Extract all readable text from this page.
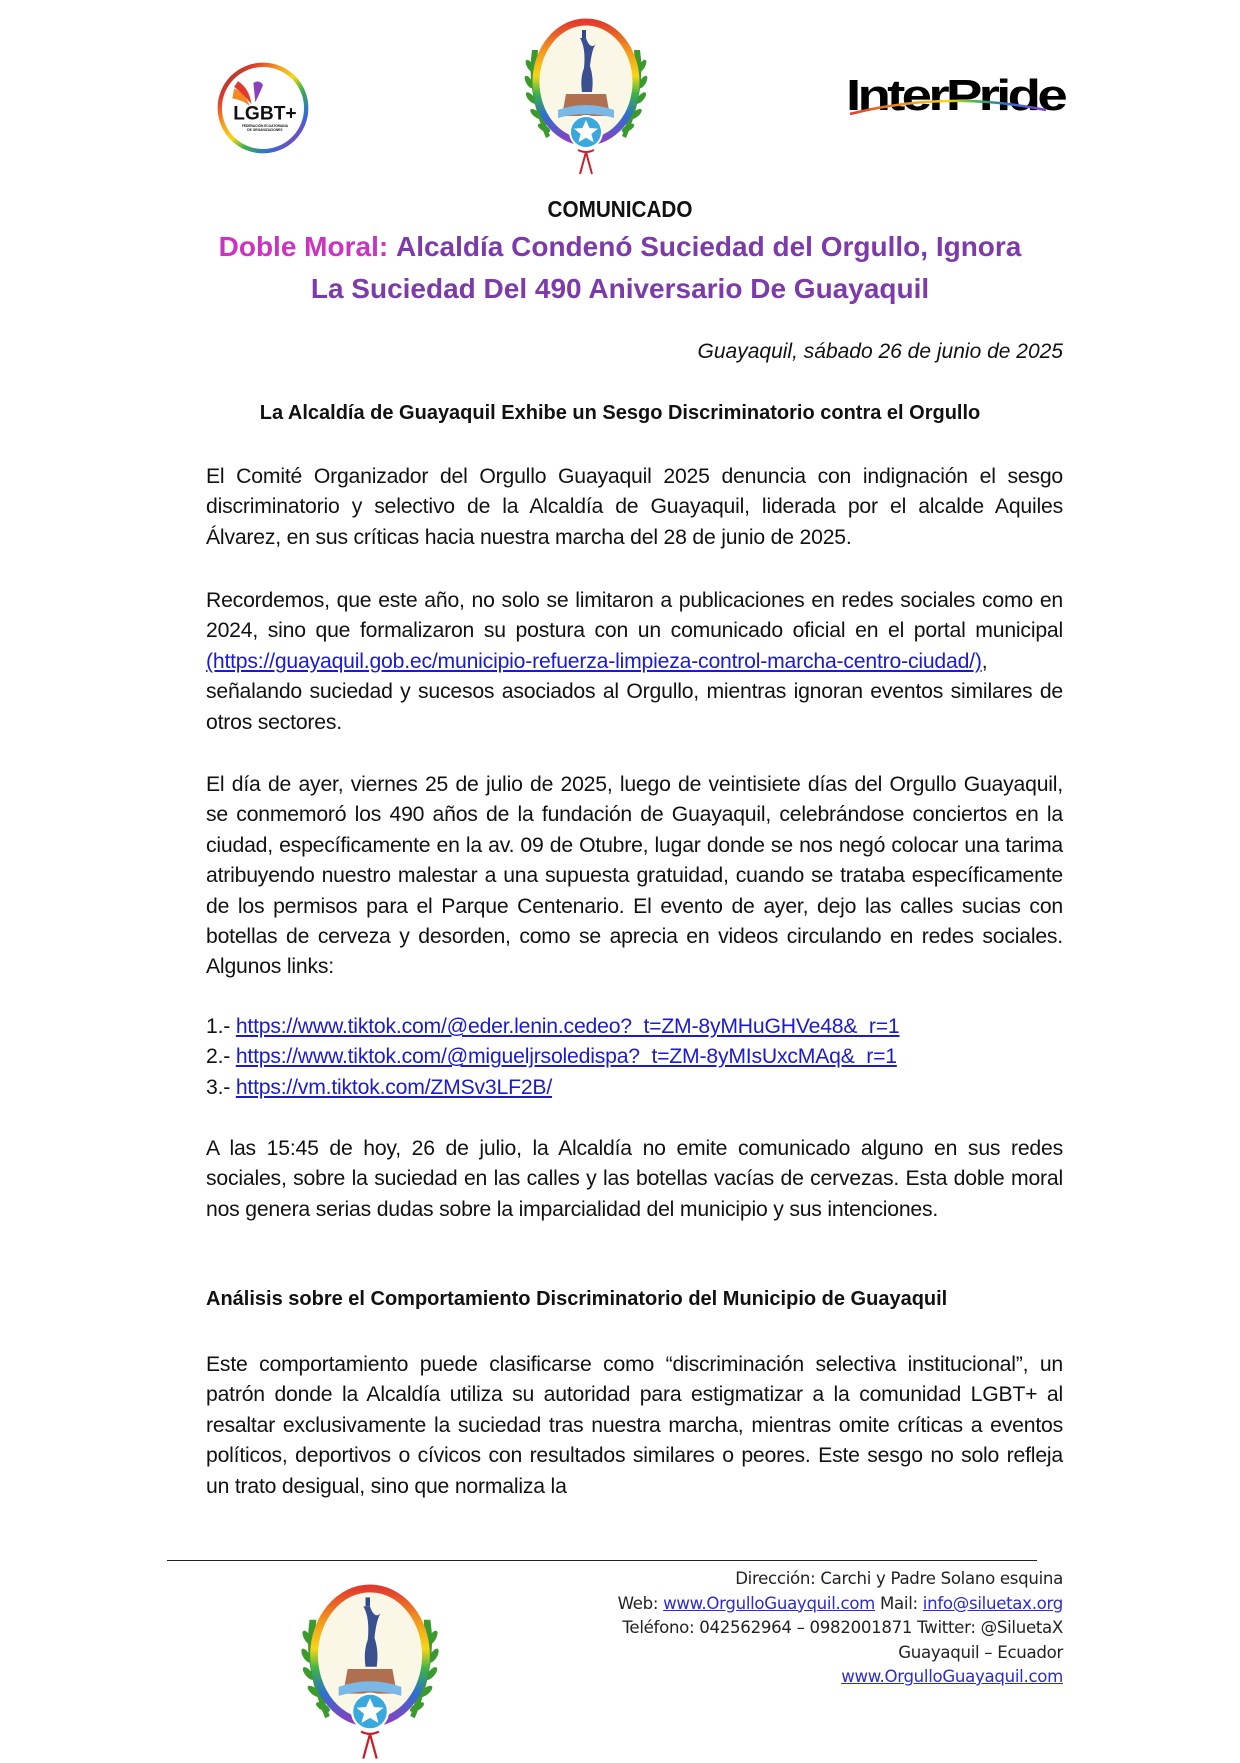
LGBT+
FEDERACIÓN ECUATORIANA
DE ORGANIZACIONES
InterPride
COMUNICADO
Doble Moral: Alcaldía Condenó Suciedad del Orgullo, Ignora
La Suciedad Del 490 Aniversario De Guayaquil
Guayaquil, sábado 26 de junio de 2025
La Alcaldía de Guayaquil Exhibe un Sesgo Discriminatorio contra el Orgullo
El Comité Organizador del Orgullo Guayaquil 2025 denuncia con indignación el sesgo discriminatorio y selectivo de la Alcaldía de Guayaquil, liderada por el alcalde Aquiles Álvarez, en sus críticas hacia nuestra marcha del 28 de junio de 2025.
Recordemos, que este año, no solo se limitaron a publicaciones en redes sociales como en 2024, sino que formalizaron su postura con un comunicado oficial en el portal municipal (https://guayaquil.gob.ec/municipio-refuerza-limpieza-control-marcha-centro-ciudad/), señalando suciedad y sucesos asociados al Orgullo, mientras ignoran eventos similares de otros sectores.
El día de ayer, viernes 25 de julio de 2025, luego de veintisiete días del Orgullo Guayaquil, se conmemoró los 490 años de la fundación de Guayaquil, celebrándose conciertos en la ciudad, específicamente en la av. 09 de Otubre, lugar donde se nos negó colocar una tarima atribuyendo nuestro malestar a una supuesta gratuidad, cuando se trataba específicamente de los permisos para el Parque Centenario. El evento de ayer, dejo las calles sucias con botellas de cerveza y desorden, como se aprecia en videos circulando en redes sociales. Algunos links:
1.- https://www.tiktok.com/@eder.lenin.cedeo?_t=ZM-8yMHuGHVe48&_r=1
2.- https://www.tiktok.com/@migueljrsoledispa?_t=ZM-8yMIsUxcMAq&_r=1
3.- https://vm.tiktok.com/ZMSv3LF2B/
A las 15:45 de hoy, 26 de julio, la Alcaldía no emite comunicado alguno en sus redes sociales, sobre la suciedad en las calles y las botellas vacías de cervezas. Esta doble moral nos genera serias dudas sobre la imparcialidad del municipio y sus intenciones.
Análisis sobre el Comportamiento Discriminatorio del Municipio de Guayaquil
Este comportamiento puede clasificarse como “discriminación selectiva institucional”, un patrón donde la Alcaldía utiliza su autoridad para estigmatizar a la comunidad LGBT+ al resaltar exclusivamente la suciedad tras nuestra marcha, mientras omite críticas a eventos políticos, deportivos o cívicos con resultados similares o peores. Este sesgo no solo refleja un trato desigual, sino que normaliza la
Dirección: Carchi y Padre Solano esquina
Web: www.OrgulloGuayquil.com Mail: info@siluetax.org
Teléfono: 042562964 – 0982001871 Twitter: @SiluetaX
Guayaquil – Ecuador
www.OrgulloGuayaquil.com
